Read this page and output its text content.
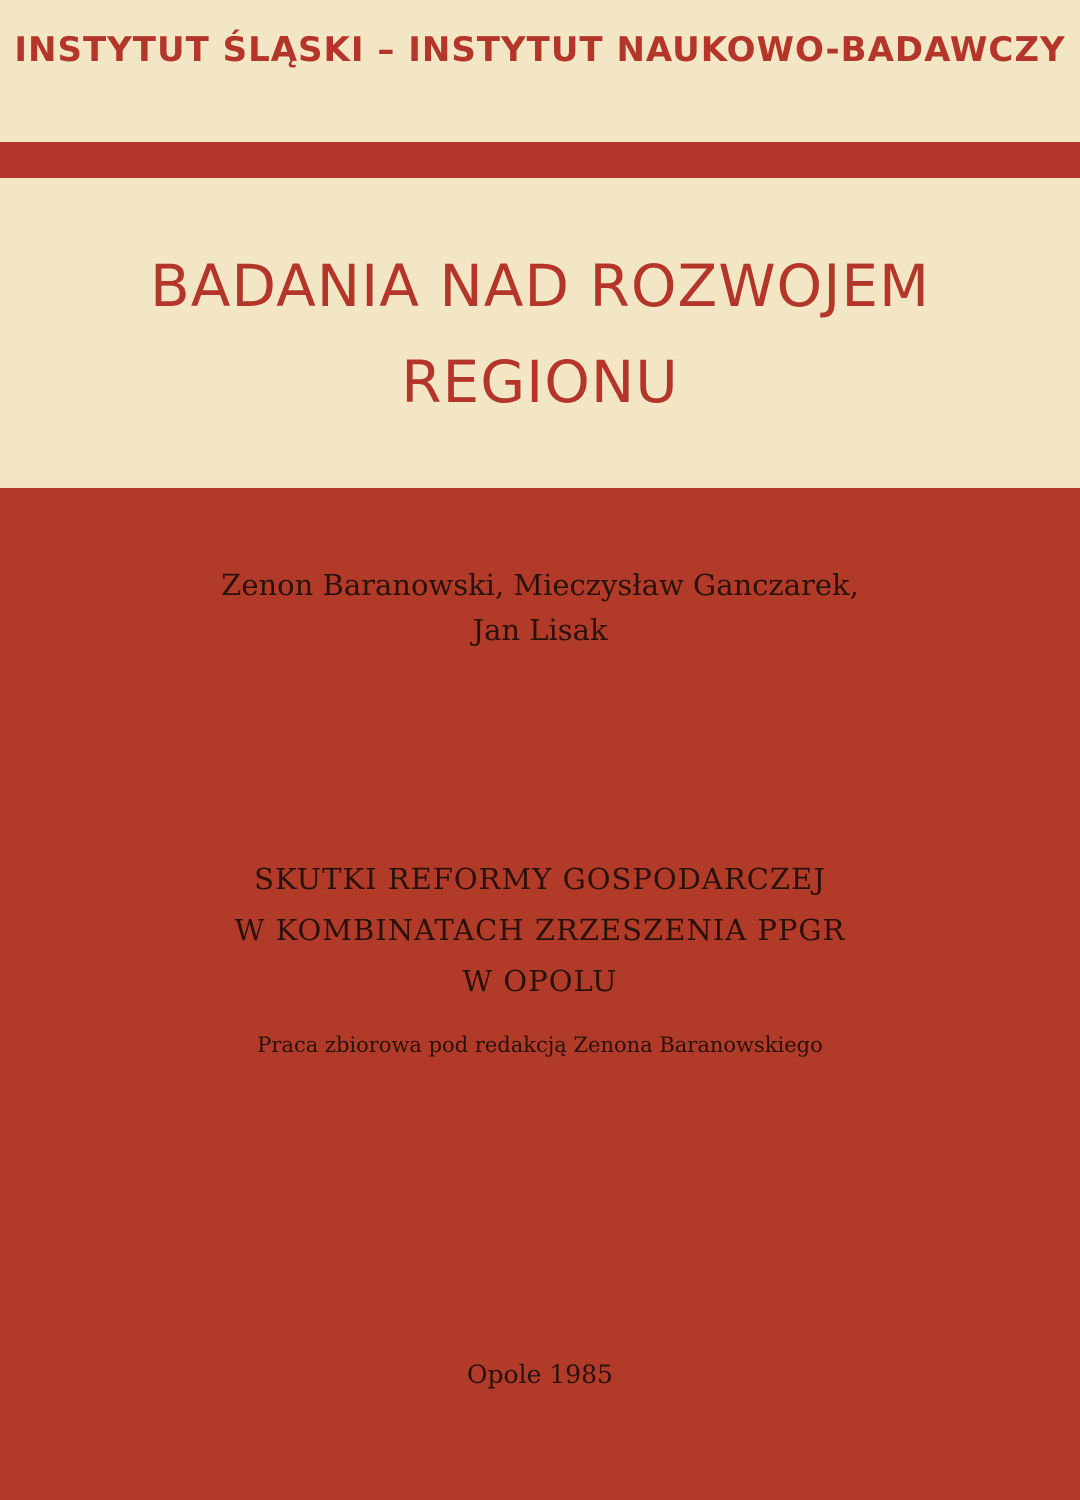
INSTYTUT ŚLĄSKI – INSTYTUT NAUKOWO-BADAWCZY
BADANIA NAD ROZWOJEM
REGIONU
Zenon Baranowski, Mieczysław Ganczarek,
Jan Lisak
SKUTKI REFORMY GOSPODARCZEJ
W KOMBINATACH ZRZESZENIA PPGR
W OPOLU
Praca zbiorowa pod redakcją Zenona Baranowskiego
Opole 1985
